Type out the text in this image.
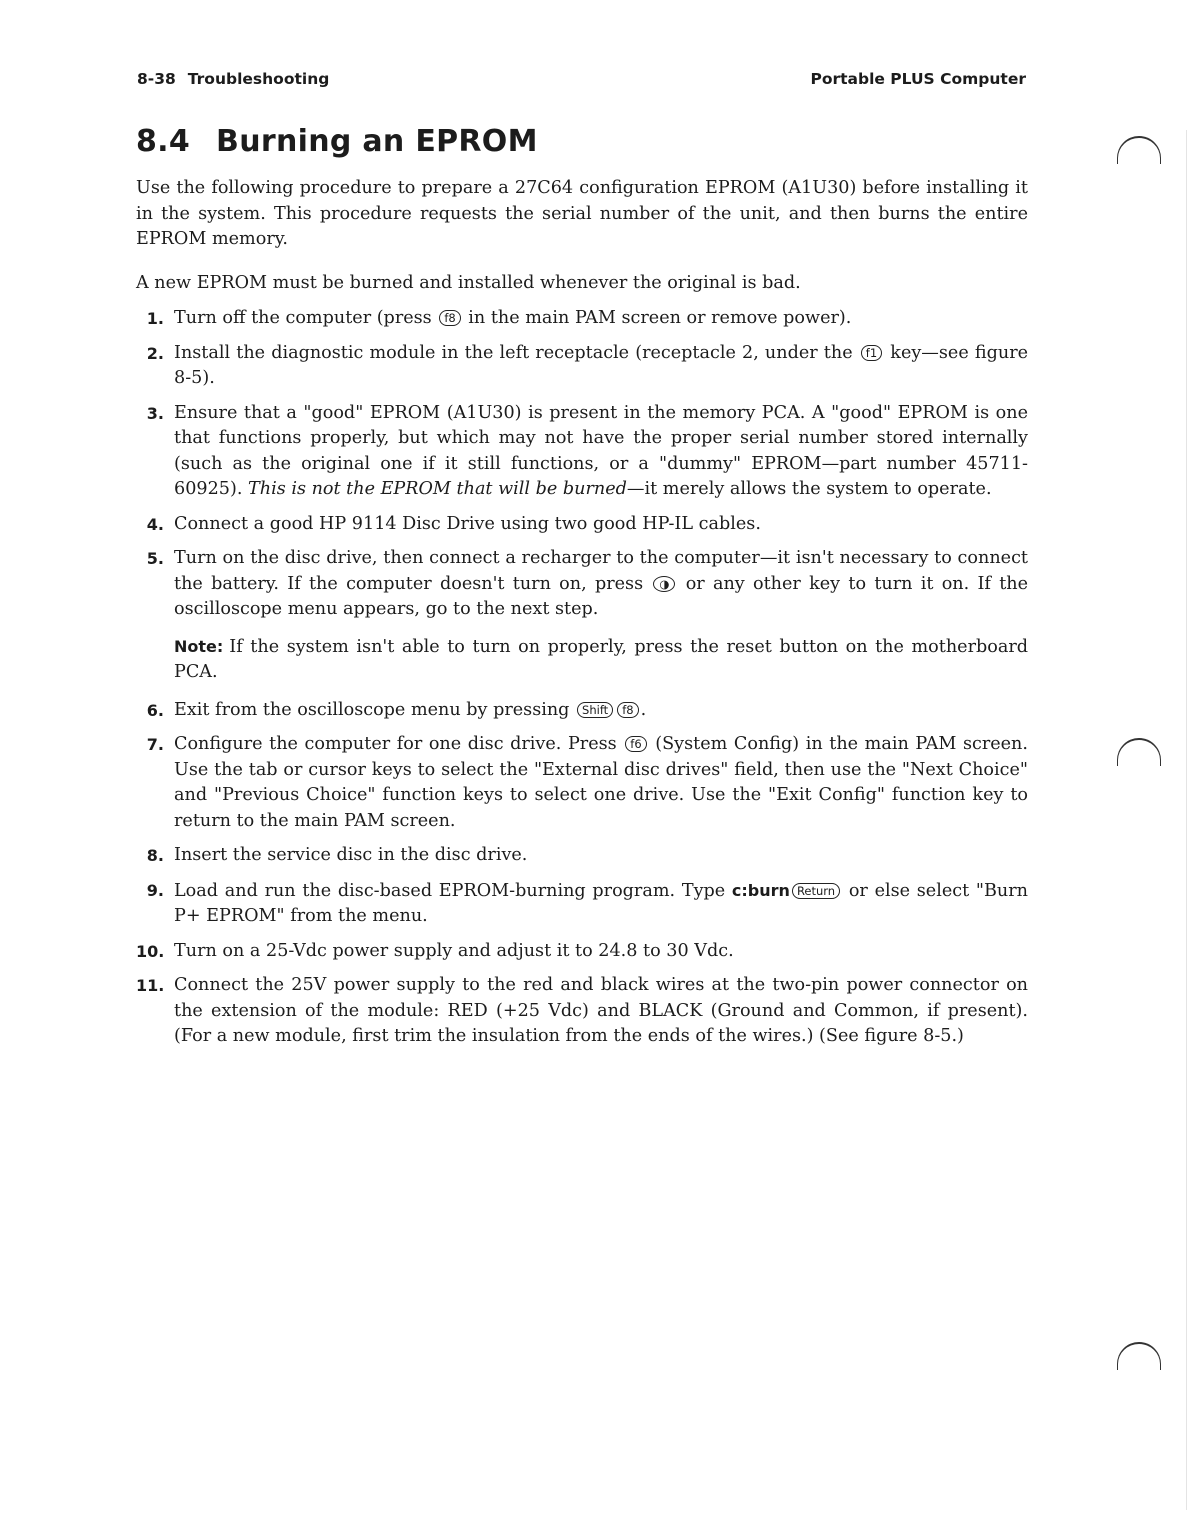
8-38 Troubleshooting	Portable PLUS Computer
8.4 Burning an EPROM

Use the following procedure to prepare a 27C64 configuration EPROM (A1U30) before installing it in the system. This procedure requests the serial number of the unit, and then burns the entire EPROM memory.

A new EPROM must be burned and installed whenever the original is bad.

1. Turn off the computer (press f8 in the main PAM screen or remove power).
2. Install the diagnostic module in the left receptacle (receptacle 2, under the f1 key—see figure 8-5).
3. Ensure that a "good" EPROM (A1U30) is present in the memory PCA. A "good" EPROM is one that functions properly, but which may not have the proper serial number stored internally (such as the original one if it still functions, or a "dummy" EPROM—part number 45711-60925). This is not the EPROM that will be burned—it merely allows the system to operate.
4. Connect a good HP 9114 Disc Drive using two good HP-IL cables.
5. Turn on the disc drive, then connect a recharger to the computer—it isn't necessary to connect the battery. If the computer doesn't turn on, press ◑ or any other key to turn it on. If the oscilloscope menu appears, go to the next step.

Note: If the system isn't able to turn on properly, press the reset button on the motherboard PCA.

6. Exit from the oscilloscope menu by pressing Shift f8 .
7. Configure the computer for one disc drive. Press f6 (System Config) in the main PAM screen. Use the tab or cursor keys to select the "External disc drives" field, then use the "Next Choice" and "Previous Choice" function keys to select one drive. Use the "Exit Config" function key to return to the main PAM screen.
8. Insert the service disc in the disc drive.
9. Load and run the disc-based EPROM-burning program. Type c:burn Return or else select "Burn P+ EPROM" from the menu.
10. Turn on a 25-Vdc power supply and adjust it to 24.8 to 30 Vdc.
11. Connect the 25V power supply to the red and black wires at the two-pin power connector on the extension of the module: RED (+25 Vdc) and BLACK (Ground and Common, if present). (For a new module, first trim the insulation from the ends of the wires.) (See figure 8-5.)
